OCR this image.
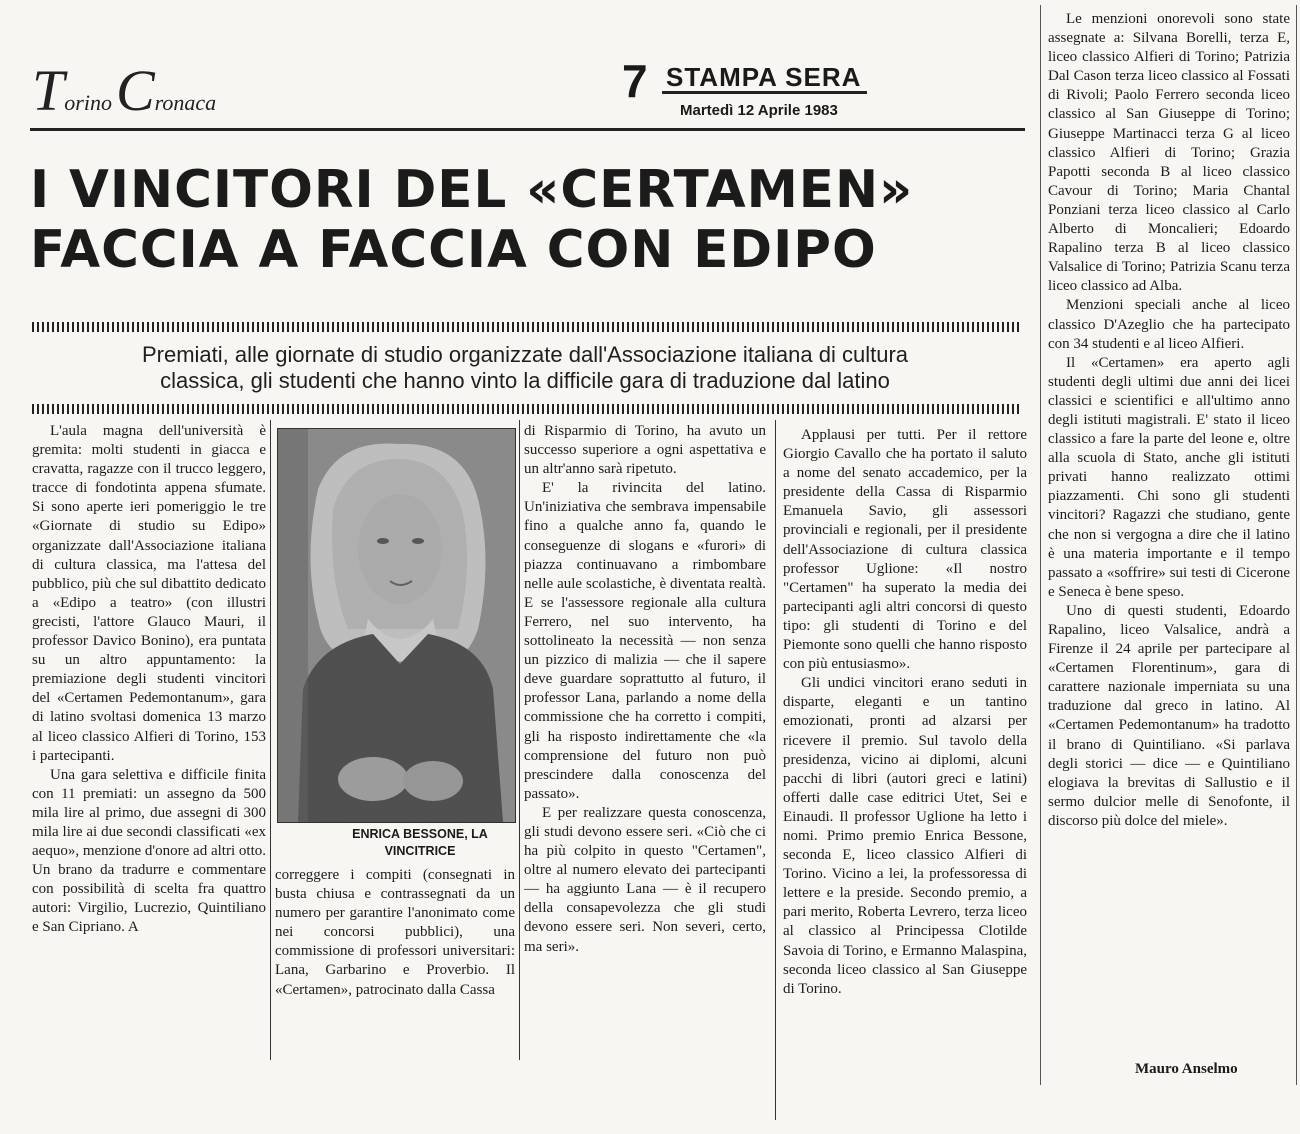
Torino Cronaca	7 STAMPA SERA
Martedì 12 Aprile 1983
I VINCITORI DEL «CERTAMEN»
FACCIA A FACCIA CON EDIPO
Premiati, alle giornate di studio organizzate dall'Associazione italiana di cultura
classica, gli studenti che hanno vinto la difficile gara di traduzione dal latino

L'aula magna dell'università è gremita: molti studenti in giacca e cravatta, ragazze con il trucco leggero, tracce di fondotinta appena sfumate. Si sono aperte ieri pomeriggio le tre «Giornate di studio su Edipo» organizzate dall'Associazione italiana di cultura classica, ma l'attesa del pubblico, più che sul dibattito dedicato a «Edipo a teatro» (con illustri grecisti, l'attore Glauco Mauri, il professor Davico Bonino), era puntata su un altro appuntamento: la premiazione degli studenti vincitori del «Certamen Pedemontanum», gara di latino svoltasi domenica 13 marzo al liceo classico Alfieri di Torino, 153 i partecipanti.

Una gara selettiva e difficile finita con 11 premiati: un assegno da 500 mila lire al primo, due assegni di 300 mila lire ai due secondi classificati «ex aequo», menzione d'onore ad altri otto. Un brano da tradurre e commentare con possibilità di scelta fra quattro autori: Virgilio, Lucrezio, Quintiliano e San Cipriano. A

ENRICA BESSONE, LA
VINCITRICE

correggere i compiti (consegnati in busta chiusa e contrassegnati da un numero per garantire l'anonimato come nei concorsi pubblici), una commissione di professori universitari: Lana, Garbarino e Proverbio. Il «Certamen», patrocinato dalla Cassa

di Risparmio di Torino, ha avuto un successo superiore a ogni aspettativa e un altr'anno sarà ripetuto.

E' la rivincita del latino. Un'iniziativa che sembrava impensabile fino a qualche anno fa, quando le conseguenze di slogans e «furori» di piazza continuavano a rimbombare nelle aule scolastiche, è diventata realtà. E se l'assessore regionale alla cultura Ferrero, nel suo intervento, ha sottolineato la necessità — non senza un pizzico di malizia — che il sapere deve guardare soprattutto al futuro, il professor Lana, parlando a nome della commissione che ha corretto i compiti, gli ha risposto indirettamente che «la comprensione del futuro non può prescindere dalla conoscenza del passato».

E per realizzare questa conoscenza, gli studi devono essere seri. «Ciò che ci ha più colpito in questo "Certamen", oltre al numero elevato dei partecipanti — ha aggiunto Lana — è il recupero della consapevolezza che gli studi devono essere seri. Non severi, certo, ma seri».

Applausi per tutti. Per il rettore Giorgio Cavallo che ha portato il saluto a nome del senato accademico, per la presidente della Cassa di Risparmio Emanuela Savio, gli assessori provinciali e regionali, per il presidente dell'Associazione di cultura classica professor Uglione: «Il nostro "Certamen" ha superato la media dei partecipanti agli altri concorsi di questo tipo: gli studenti di Torino e del Piemonte sono quelli che hanno risposto con più entusiasmo».

Gli undici vincitori erano seduti in disparte, eleganti e un tantino emozionati, pronti ad alzarsi per ricevere il premio. Sul tavolo della presidenza, vicino ai diplomi, alcuni pacchi di libri (autori greci e latini) offerti dalle case editrici Utet, Sei e Einaudi. Il professor Uglione ha letto i nomi. Primo premio Enrica Bessone, seconda E, liceo classico Alfieri di Torino. Vicino a lei, la professoressa di lettere e la preside. Secondo premio, a pari merito, Roberta Levrero, terza liceo al classico al Principessa Clotilde Savoia di Torino, e Ermanno Malaspina, seconda liceo classico al San Giuseppe di Torino.

Le menzioni onorevoli sono state assegnate a: Silvana Borelli, terza E, liceo classico Alfieri di Torino; Patrizia Dal Cason terza liceo classico al Fossati di Rivoli; Paolo Ferrero seconda liceo classico al San Giuseppe di Torino; Giuseppe Martinacci terza G al liceo classico Alfieri di Torino; Grazia Papotti seconda B al liceo classico Cavour di Torino; Maria Chantal Ponziani terza liceo classico al Carlo Alberto di Moncalieri; Edoardo Rapalino terza B al liceo classico Valsalice di Torino; Patrizia Scanu terza liceo classico ad Alba.

Menzioni speciali anche al liceo classico D'Azeglio che ha partecipato con 34 studenti e al liceo Alfieri.

Il «Certamen» era aperto agli studenti degli ultimi due anni dei licei classici e scientifici e all'ultimo anno degli istituti magistrali. E' stato il liceo classico a fare la parte del leone e, oltre alla scuola di Stato, anche gli istituti privati hanno realizzato ottimi piazzamenti. Chi sono gli studenti vincitori? Ragazzi che studiano, gente che non si vergogna a dire che il latino è una materia importante e il tempo passato a «soffrire» sui testi di Cicerone e Seneca è bene speso.

Uno di questi studenti, Edoardo Rapalino, liceo Valsalice, andrà a Firenze il 24 aprile per partecipare al «Certamen Florentinum», gara di carattere nazionale imperniata su una traduzione dal greco in latino. Al «Certamen Pedemontanum» ha tradotto il brano di Quintiliano. «Si parlava degli storici — dice — e Quintiliano elogiava la brevitas di Sallustio e il sermo dulcior melle di Senofonte, il discorso più dolce del miele».

Mauro Anselmo
